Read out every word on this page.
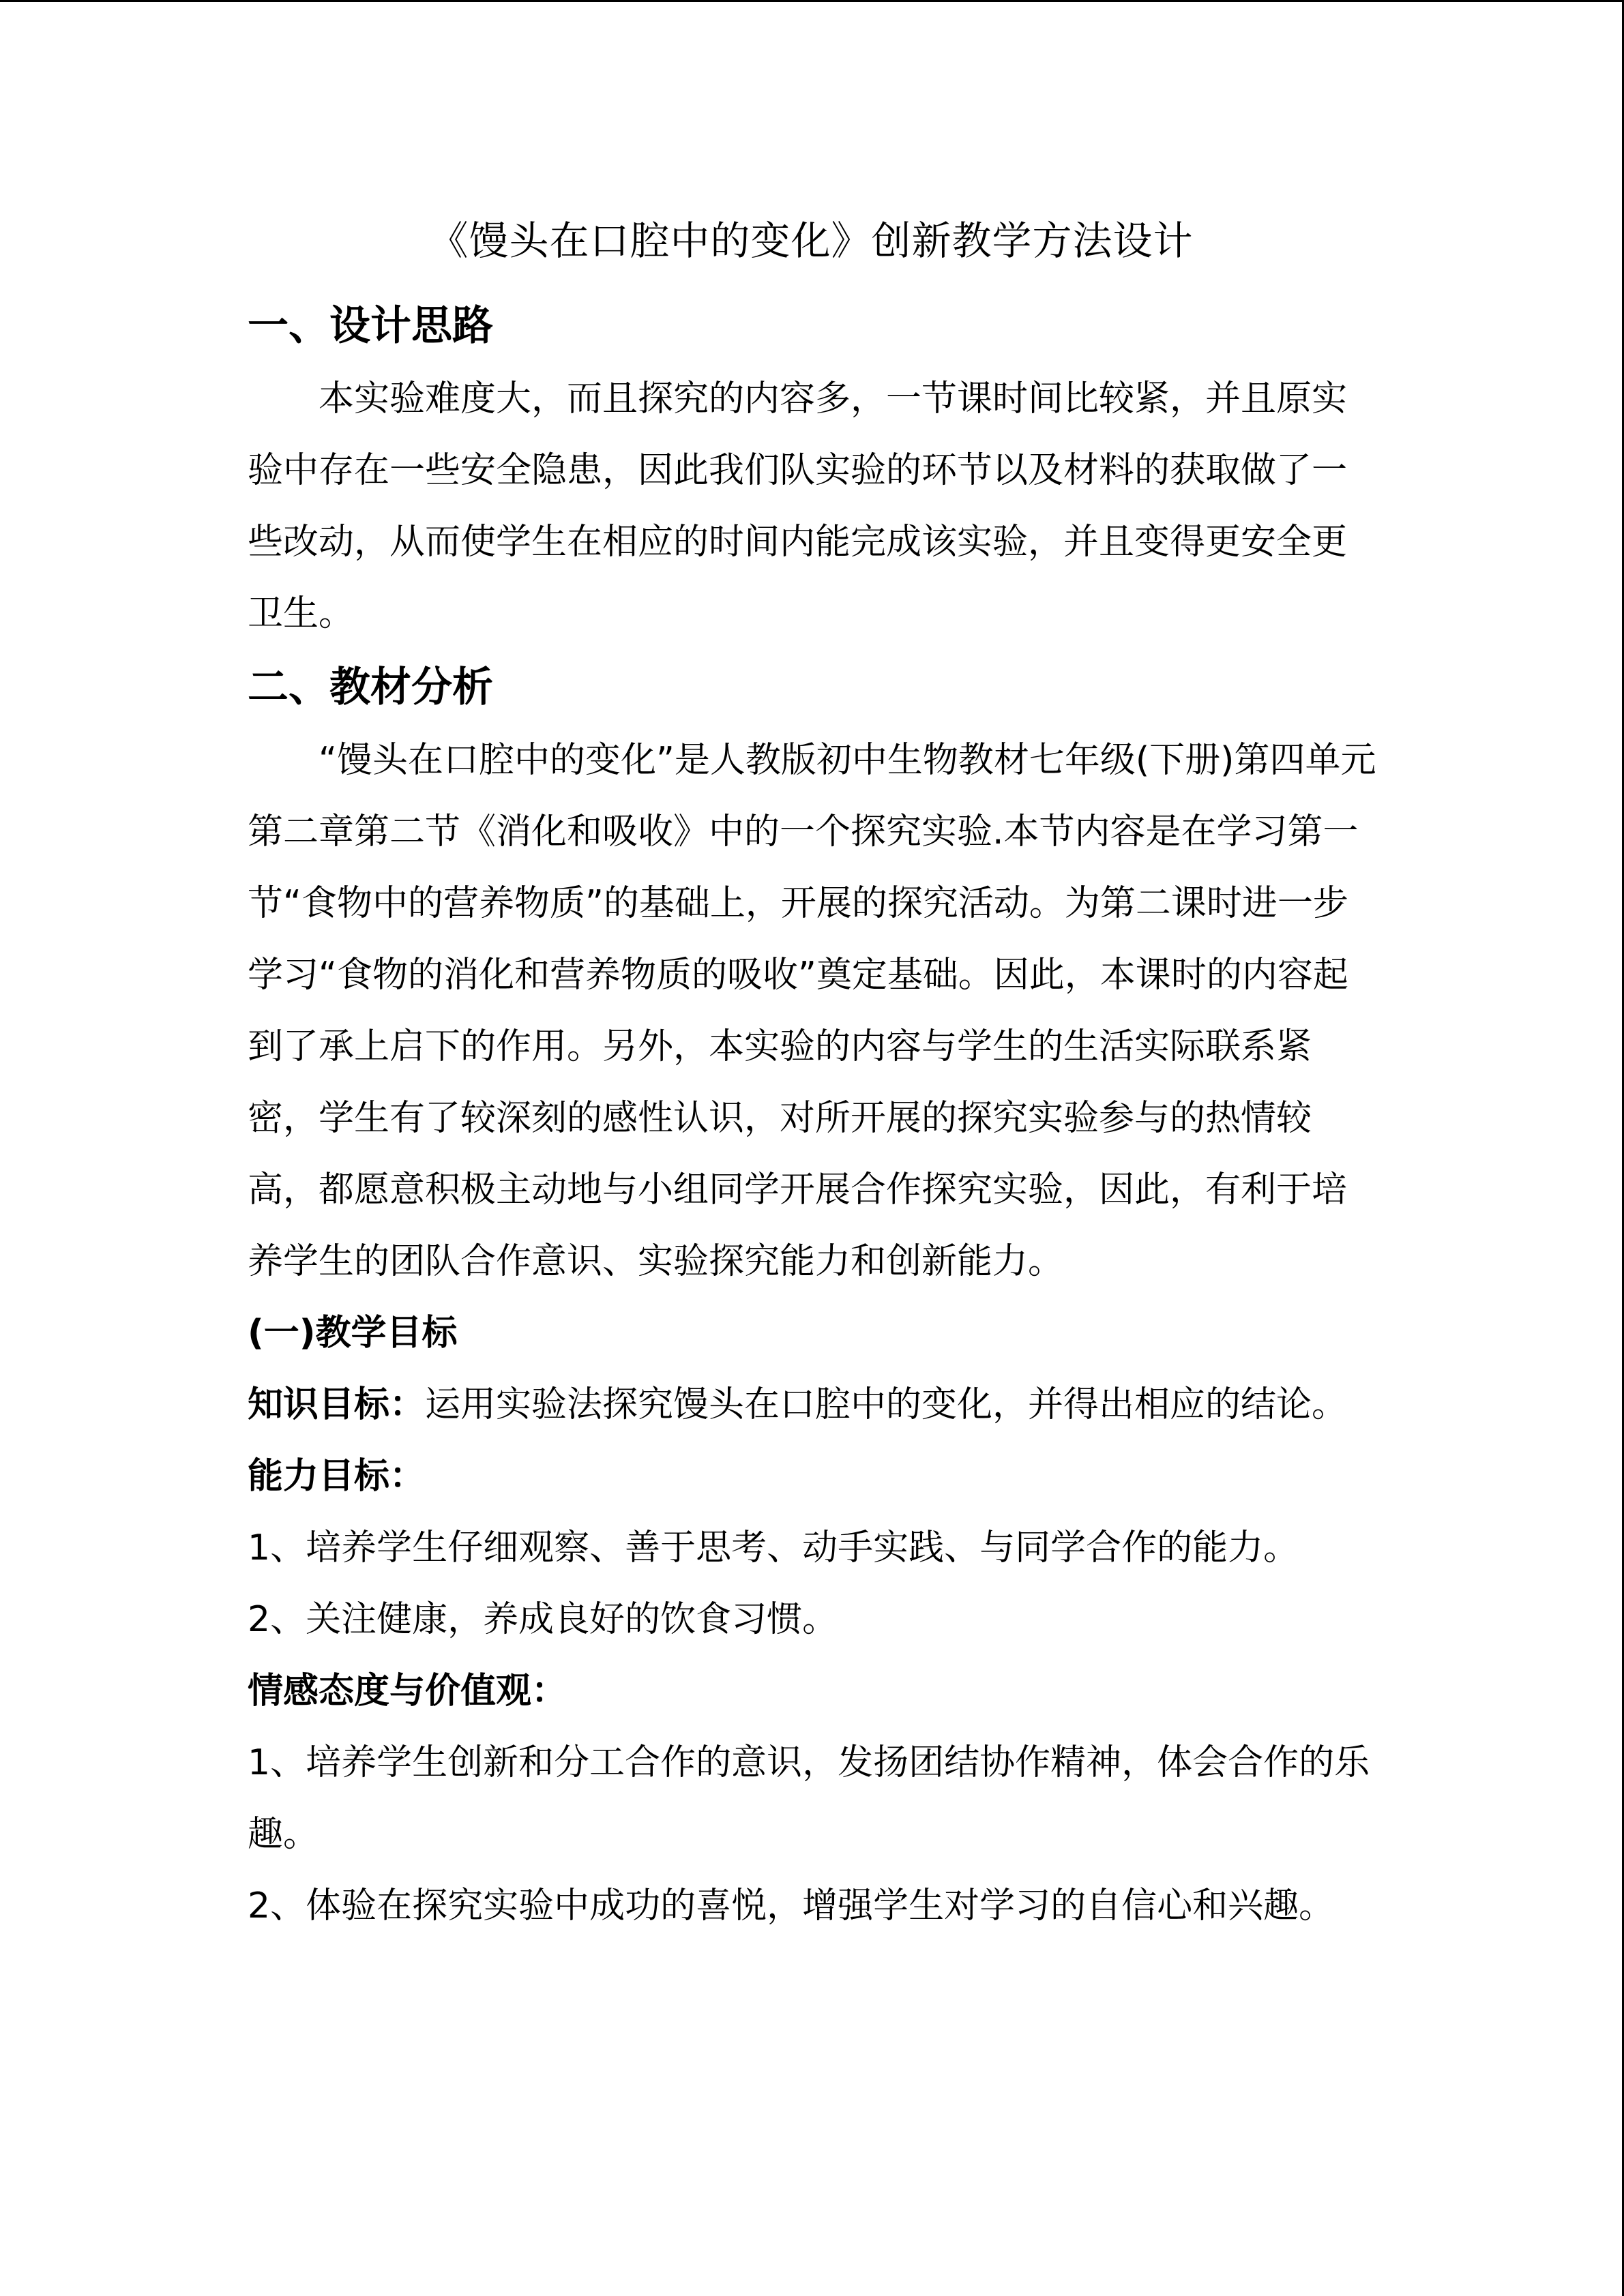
《馒头在口腔中的变化》创新教学方法设计
一、设计思路

本实验难度大，而且探究的内容多，一节课时间比较紧，并且原实验中存在一些安全隐患，因此我们队实验的环节以及材料的获取做了一些改动，从而使学生在相应的时间内能完成该实验，并且变得更安全更卫生。

二、教材分析

“馒头在口腔中的变化”是人教版初中生物教材七年级(下册)第四单元第二章第二节《消化和吸收》中的一个探究实验.本节内容是在学习第一节“食物中的营养物质”的基础上，开展的探究活动。为第二课时进一步学习“食物的消化和营养物质的吸收”奠定基础。因此，本课时的内容起到了承上启下的作用。另外，本实验的内容与学生的生活实际联系紧密，学生有了较深刻的感性认识，对所开展的探究实验参与的热情较高，都愿意积极主动地与小组同学开展合作探究实验，因此，有利于培养学生的团队合作意识、实验探究能力和创新能力。

(一)教学目标

知识目标：运用实验法探究馒头在口腔中的变化，并得出相应的结论。

能力目标：

1、培养学生仔细观察、善于思考、动手实践、与同学合作的能力。

2、关注健康，养成良好的饮食习惯。

情感态度与价值观：

1、培养学生创新和分工合作的意识，发扬团结协作精神，体会合作的乐趣。

2、体验在探究实验中成功的喜悦，增强学生对学习的自信心和兴趣。
